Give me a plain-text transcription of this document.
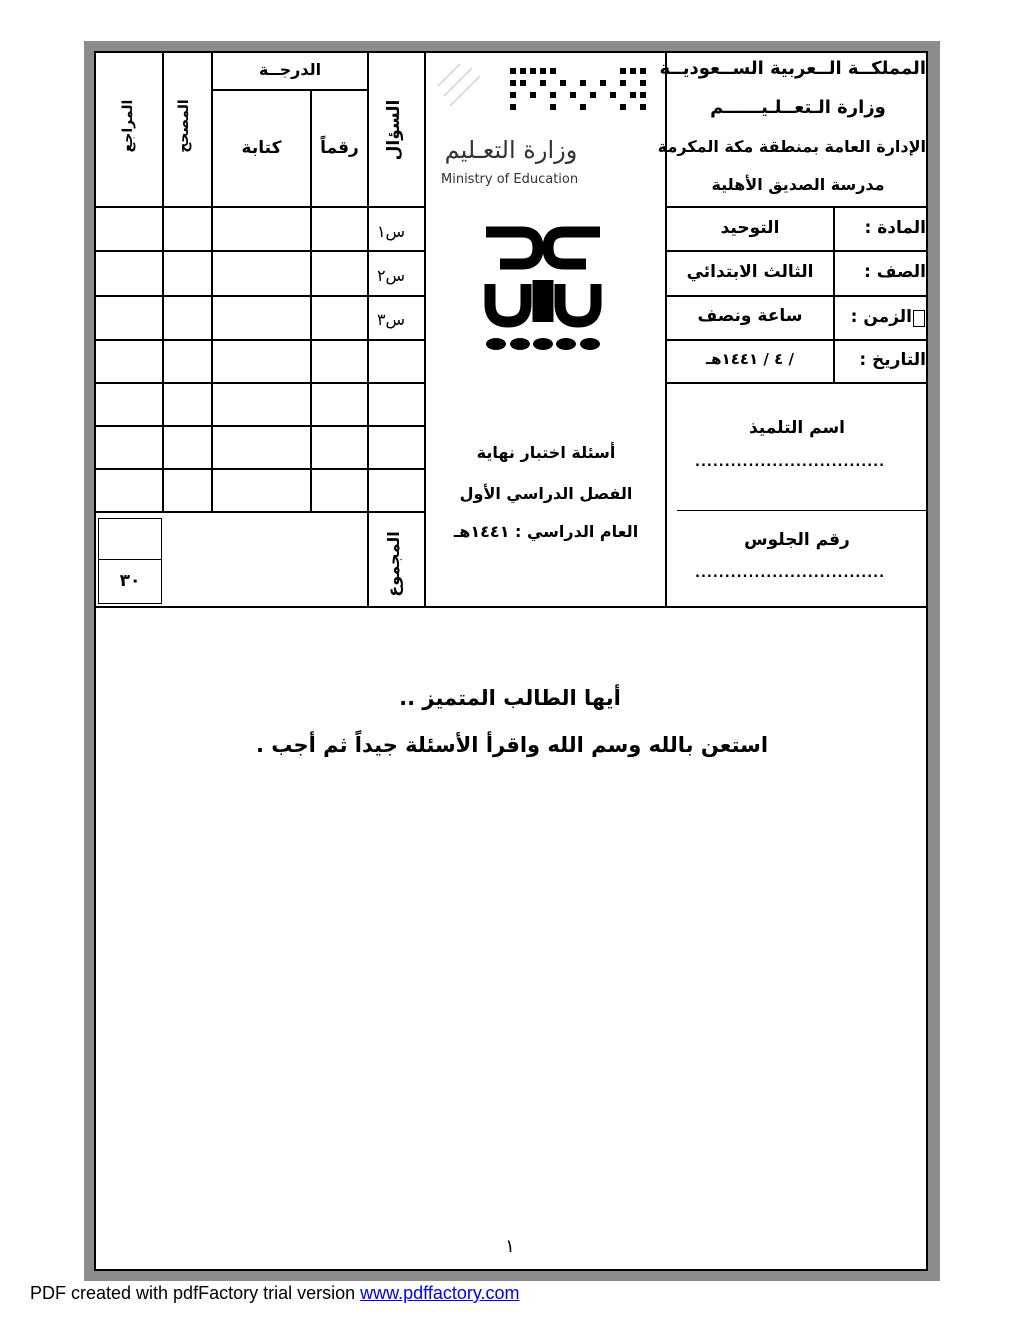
المملكــة الــعربية الســعوديــة
وزارة الـتعــلـيــــــم
الإدارة العامة بمنطقة مكة المكرمة
مدرسة الصديق الأهلية
المادة :
التوحيد
الصف :
الثالث الابتدائي
الزمن :
ساعة ونصف
التاريخ :
/ ٤ / ١٤٤١هـ
اسم التلميذ
................................
رقم الجلوس
................................
وزارة التعـليم
Ministry of Education
أسئلة اختبار نهاية
الفصل الدراسي الأول
العام الدراسي : ١٤٤١هـ
الدرجــة
رقماً
كتابة	السؤال
المصحح
المراجع
س١
س٢
س٣
المجموع
٣٠
أيها الطالب المتميز ..
استعن بالله وسم الله واقرأ الأسئلة جيداً ثم أجب .
١
PDF created with pdfFactory trial version www.pdffactory.com
